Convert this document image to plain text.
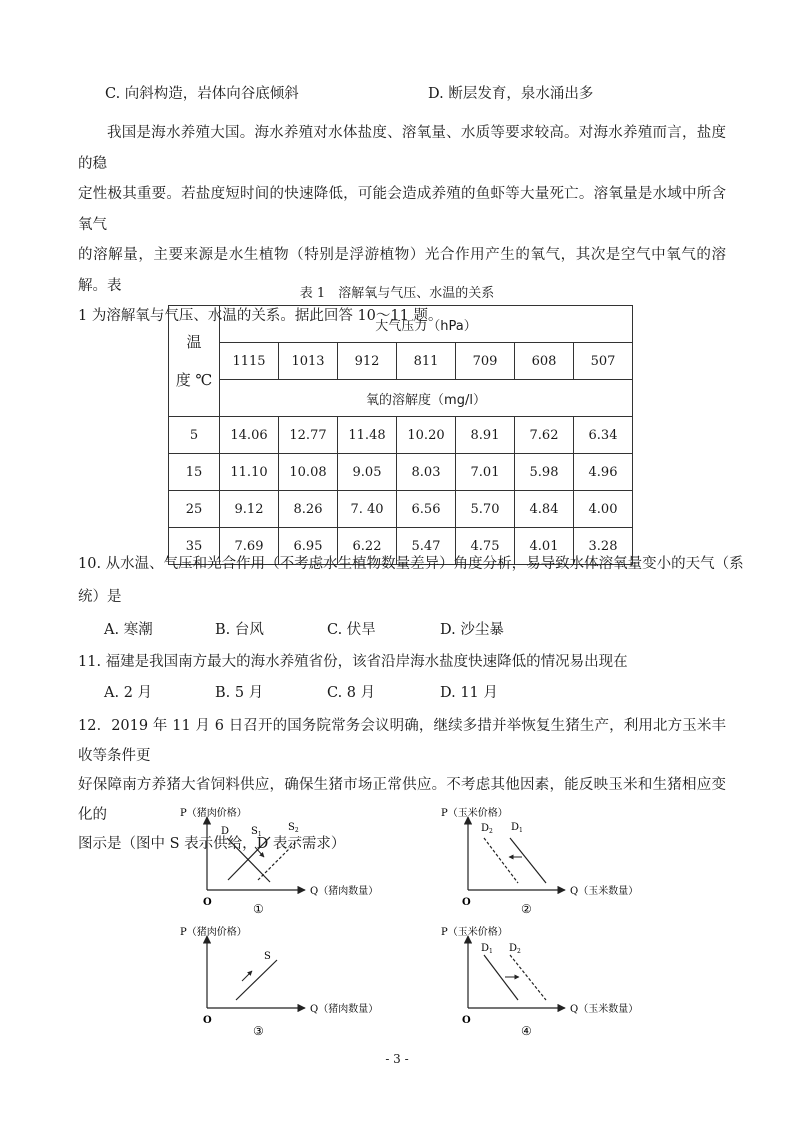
C. 向斜构造，岩体向谷底倾斜	D. 断层发育，泉水涌出多

我国是海水养殖大国。海水养殖对水体盐度、溶氧量、水质等要求较高。对海水养殖而言，盐度的稳

定性极其重要。若盐度短时间的快速降低，可能会造成养殖的鱼虾等大量死亡。溶氧量是水域中所含氧气

的溶解量，主要来源是水生植物（特别是浮游植物）光合作用产生的氧气，其次是空气中氧气的溶解。表

1 为溶解氧与气压、水温的关系。据此回答 10～11 题。

表 1　溶解氧与气压、水温的关系
温
度 ℃	大气压力（hPa）						
	1115	1013	912	811	709	608	507
	氧的溶解度（mg/l）						
5	14.06	12.77	11.48	10.20	8.91	7.62	6.34
15	11.10	10.08	9.05	8.03	7.01	5.98	4.96
25	9.12	8.26	7. 40	6.56	5.70	4.84	4.00
35	7.69	6.95	6.22	5.47	4.75	4.01	3.28
10. 从水温、气压和光合作用（不考虑水生植物数量差异）角度分析，易导致水体溶氧量变小的天气（系
统）是
A. 寒潮	B. 台风	C. 伏旱	D. 沙尘暴
11. 福建是我国南方最大的海水养殖省份，该省沿岸海水盐度快速降低的情况易出现在
A. 2 月	B. 5 月	C. 8 月	D. 11 月

12．2019 年 11 月 6 日召开的国务院常务会议明确，继续多措并举恢复生猪生产，利用北方玉米丰收等条件更

好保障南方养猪大省饲料供应，确保生猪市场正常供应。不考虑其他因素，能反映玉米和生猪相应变化的

图示是（图中 S 表示供给，D 表示需求）

P（猪肉价格）
Q（猪肉数量）
O
D $S_1$
$S_2$
①
P（玉米价格）
Q（玉米数量）
O
$D_2$ $D_1$
②
P（猪肉价格）
Q（猪肉数量）
O
S
③
P（玉米价格）
Q（玉米数量）
O
$D_1$ $D_2$
④
- 3 -
